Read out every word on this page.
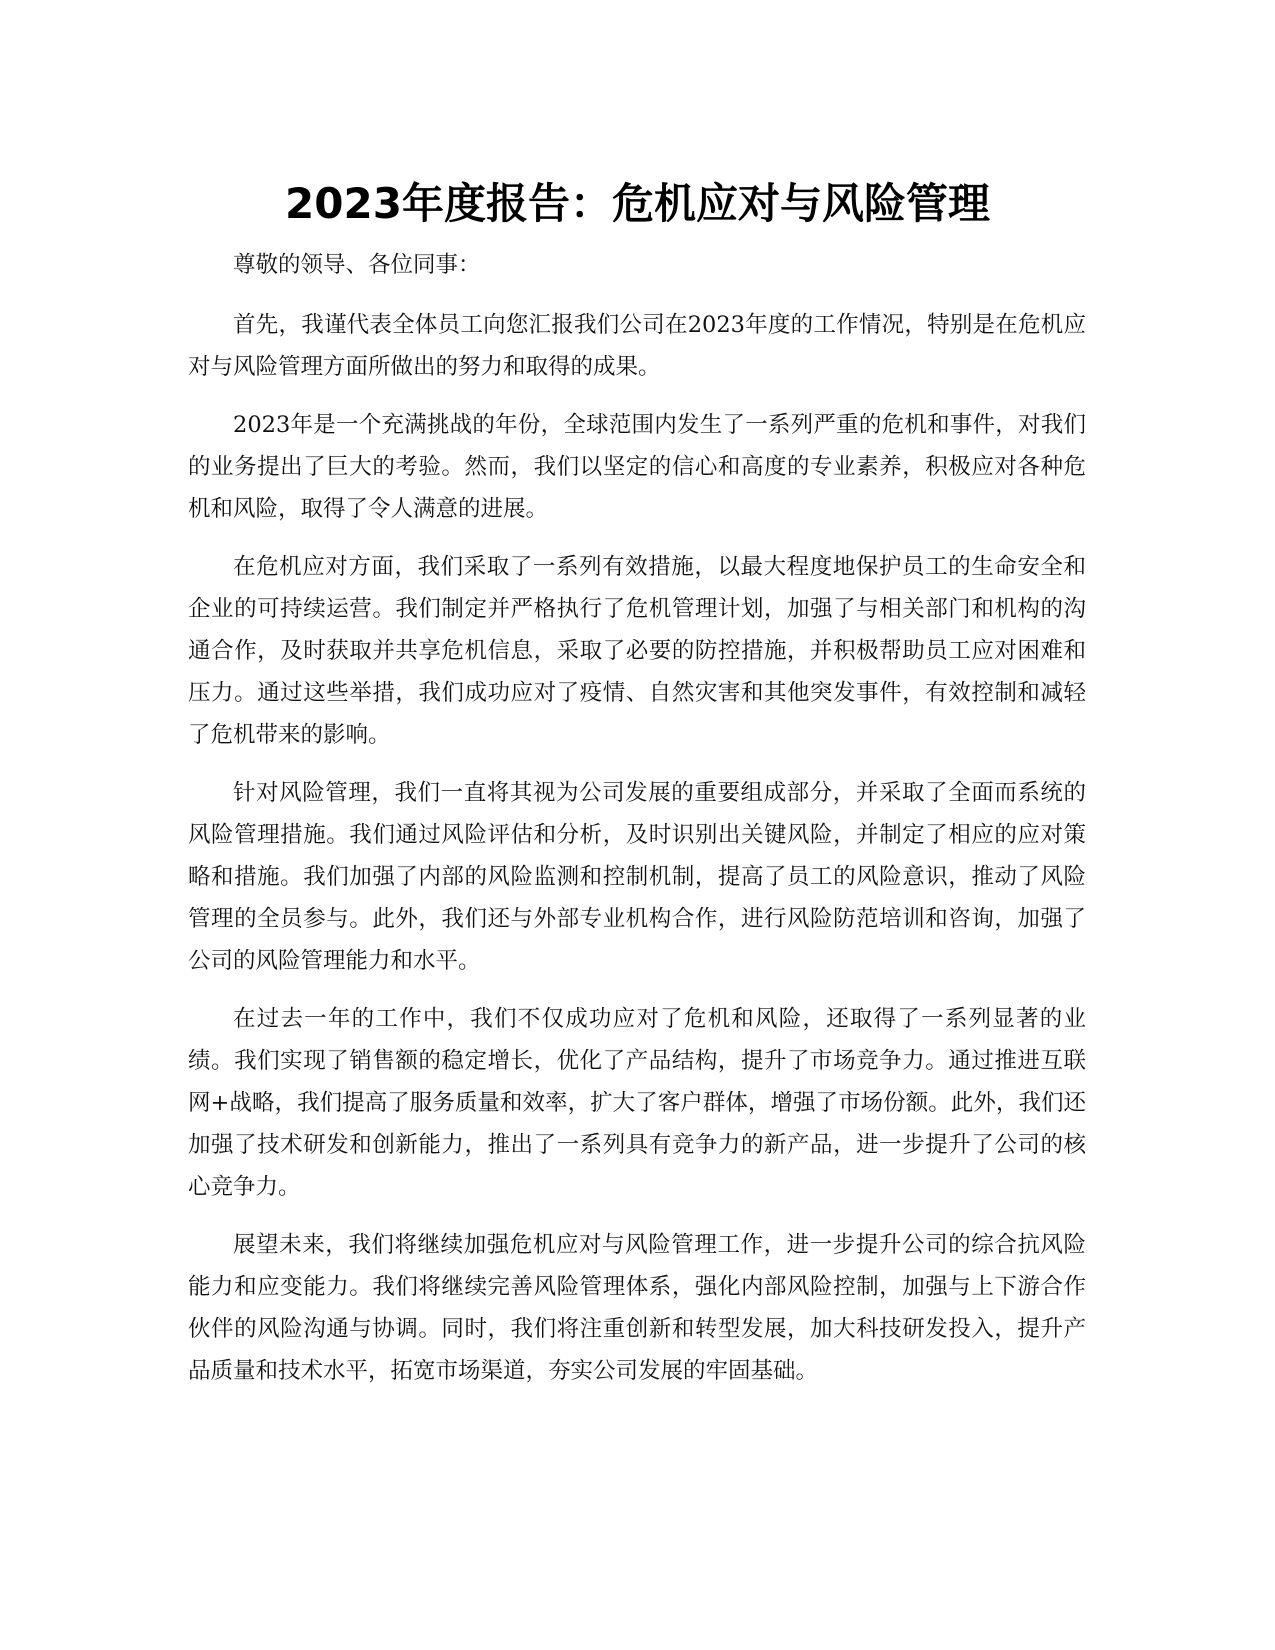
2023年度报告：危机应对与风险管理

尊敬的领导、各位同事：

首先，我谨代表全体员工向您汇报我们公司在2023年度的工作情况，特别是在危机应对与风险管理方面所做出的努力和取得的成果。

2023年是一个充满挑战的年份，全球范围内发生了一系列严重的危机和事件，对我们的业务提出了巨大的考验。然而，我们以坚定的信心和高度的专业素养，积极应对各种危机和风险，取得了令人满意的进展。

在危机应对方面，我们采取了一系列有效措施，以最大程度地保护员工的生命安全和企业的可持续运营。我们制定并严格执行了危机管理计划，加强了与相关部门和机构的沟通合作，及时获取并共享危机信息，采取了必要的防控措施，并积极帮助员工应对困难和压力。通过这些举措，我们成功应对了疫情、自然灾害和其他突发事件，有效控制和减轻了危机带来的影响。

针对风险管理，我们一直将其视为公司发展的重要组成部分，并采取了全面而系统的风险管理措施。我们通过风险评估和分析，及时识别出关键风险，并制定了相应的应对策略和措施。我们加强了内部的风险监测和控制机制，提高了员工的风险意识，推动了风险管理的全员参与。此外，我们还与外部专业机构合作，进行风险防范培训和咨询，加强了公司的风险管理能力和水平。

在过去一年的工作中，我们不仅成功应对了危机和风险，还取得了一系列显著的业绩。我们实现了销售额的稳定增长，优化了产品结构，提升了市场竞争力。通过推进互联网+战略，我们提高了服务质量和效率，扩大了客户群体，增强了市场份额。此外，我们还加强了技术研发和创新能力，推出了一系列具有竞争力的新产品，进一步提升了公司的核心竞争力。

展望未来，我们将继续加强危机应对与风险管理工作，进一步提升公司的综合抗风险能力和应变能力。我们将继续完善风险管理体系，强化内部风险控制，加强与上下游合作伙伴的风险沟通与协调。同时，我们将注重创新和转型发展，加大科技研发投入，提升产品质量和技术水平，拓宽市场渠道，夯实公司发展的牢固基础。
